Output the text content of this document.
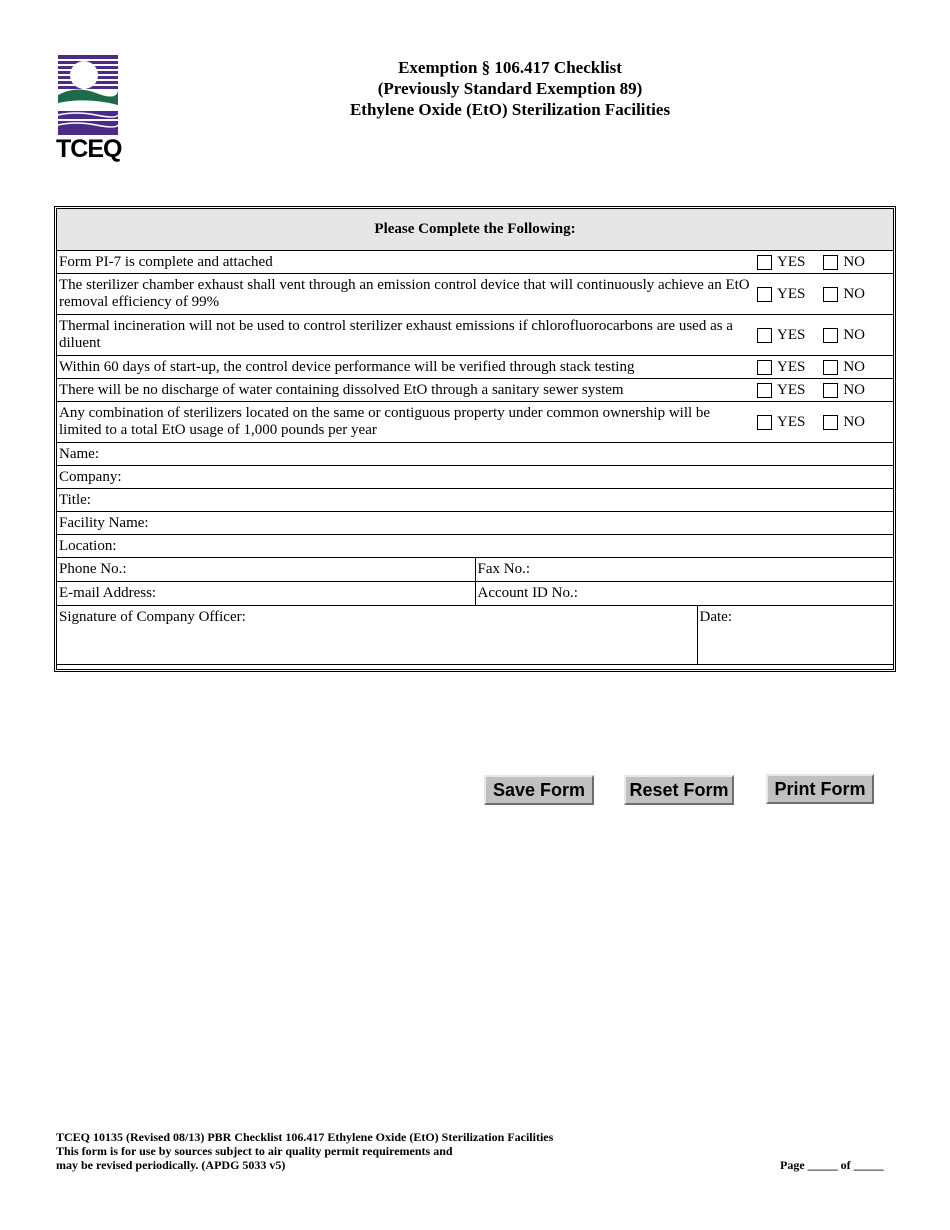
TCEQ
Exemption § 106.417 Checklist
(Previously Standard Exemption 89)
Ethylene Oxide (EtO) Sterilization Facilities
Please Complete the Following:			
Form PI-7 is complete and attached			YES NO

The sterilizer chamber exhaust shall vent through an emission control device that will continuously achieve an EtO removal efficiency of 99%			YES NO

Thermal incineration will not be used to control sterilizer exhaust emissions if chlorofluorocarbons are used as a diluent			YES NO

Within 60 days of start-up, the control device performance will be verified through stack testing			YES NO

There will be no discharge of water containing dissolved EtO through a sanitary sewer system			YES NO

Any combination of sterilizers located on the same or contiguous property under common ownership will be limited to a total EtO usage of 1,000 pounds per year			YES NO

Name:			
Company:			
Title:			
Facility Name:			
Location:			
Phone No.:	Fax No.:		
E-mail Address:	Account ID No.:		
Signature of Company Officer:		Date:	
Save Form	Reset Form	Print Form
TCEQ 10135 (Revised 08/13) PBR Checklist 106.417 Ethylene Oxide (EtO) Sterilization Facilities
This form is for use by sources subject to air quality permit requirements and
may be revised periodically. (APDG 5033 v5)	Page _____ of _____
